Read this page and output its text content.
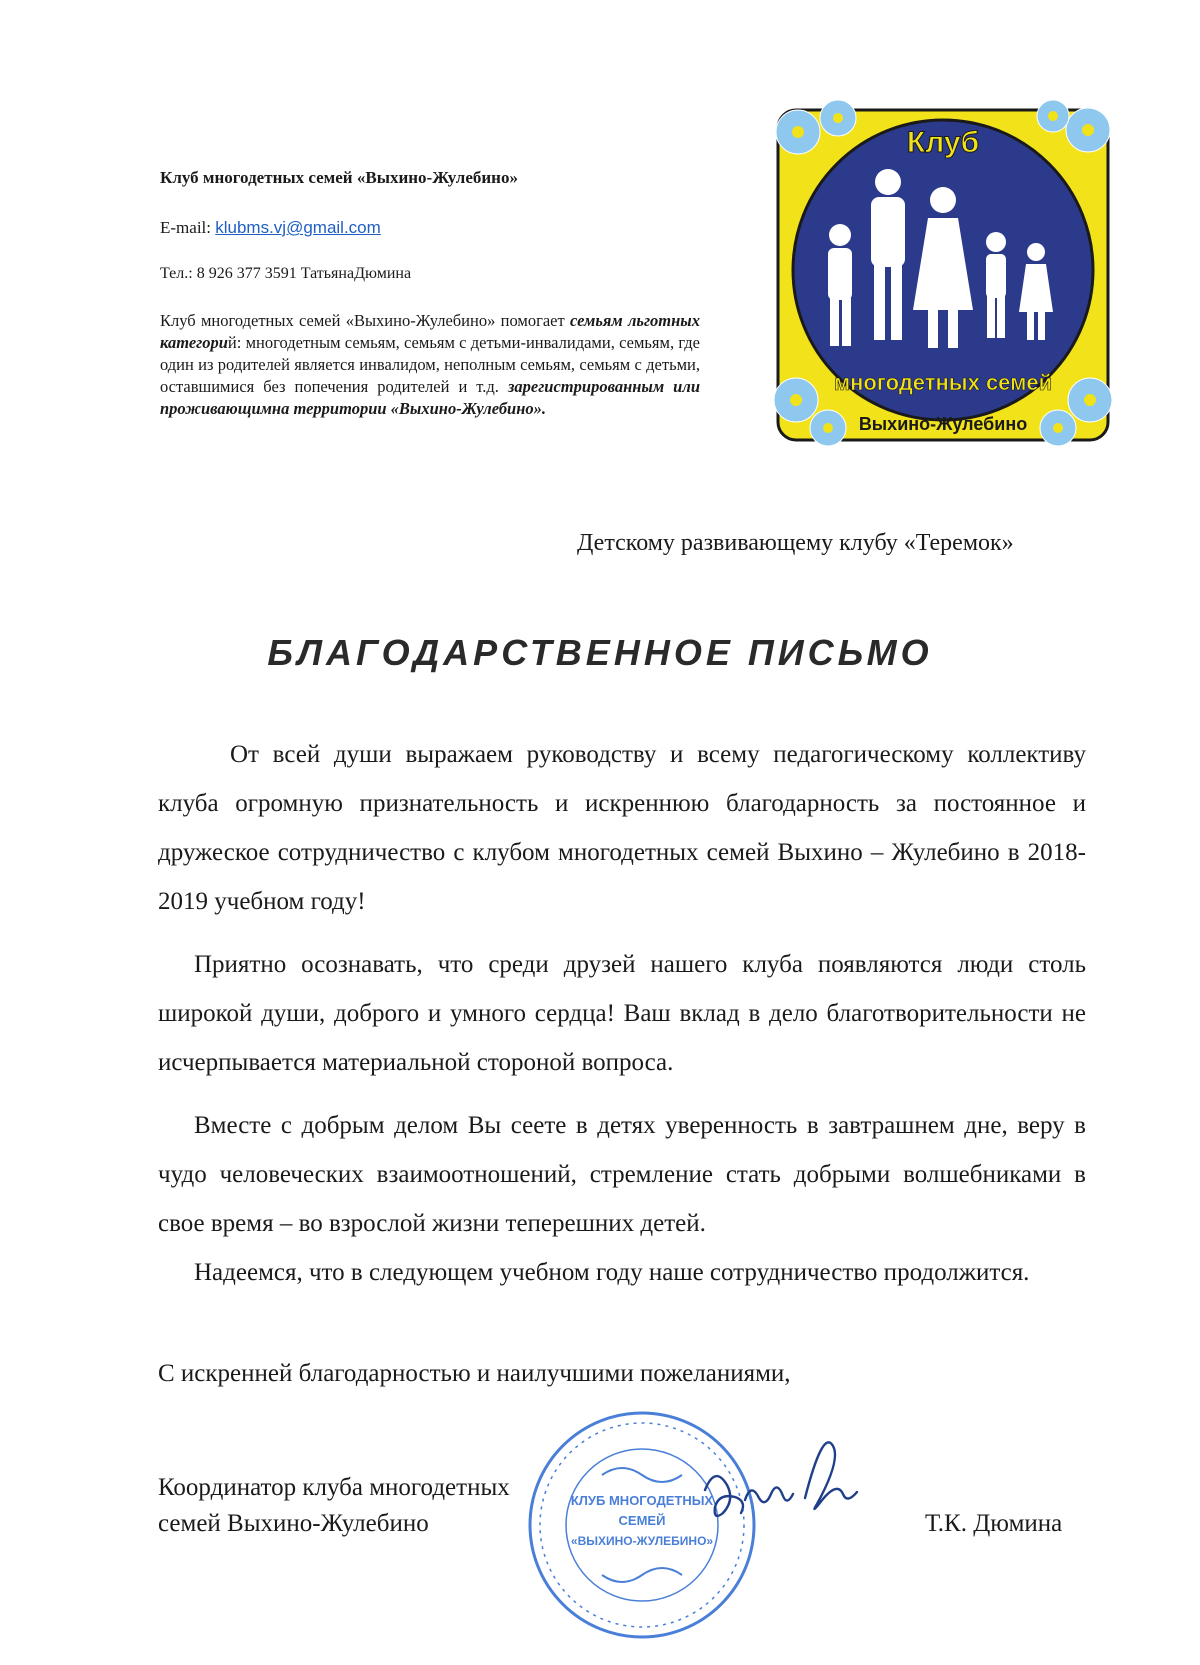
Клуб многодетных семей «Выхино-Жулебино»
E-mail: klubms.vj@gmail.com
Тел.: 8 926 377 3591 ТатьянаДюмина
Клуб многодетных семей «Выхино-Жулебино» помогает семьям льготных категорий: многодетным семьям, семьям с детьми-инвалидами, семьям, где один из родителей является инвалидом, неполным семьям, семьям с детьми, оставшимися без попечения родителей и т.д. зарегистрированным или проживающимна территории «Выхино-Жулебино».
Клуб
многодетных семей
Выхино-Жулебино
Детскому развивающему клубу «Теремок»
БЛАГОДАРСТВЕННОЕ ПИСЬМО

От всей души выражаем руководству и всему педагогическому коллективу клуба огромную признательность и искреннюю благодарность за постоянное и дружеское сотрудничество с клубом многодетных семей Выхино – Жулебино в 2018-2019 учебном году!

Приятно осознавать, что среди друзей нашего клуба появляются люди столь широкой души, доброго и умного сердца! Ваш вклад в дело благотворительности не исчерпывается материальной стороной вопроса.

Вместе с добрым делом Вы сеете в детях уверенность в завтрашнем дне, веру в чудо человеческих взаимоотношений, стремление стать добрыми волшебниками в свое время – во взрослой жизни теперешних детей.

Надеемся, что в следующем учебном году наше сотрудничество продолжится.

С искренней благодарностью и наилучшими пожеланиями,
Координатор клуба многодетных
семей Выхино-Жулебино	Т.К. Дюмина
КЛУБ МНОГОДЕТНЫХ
СЕМЕЙ
«ВЫХИНО-ЖУЛЕБИНО»
